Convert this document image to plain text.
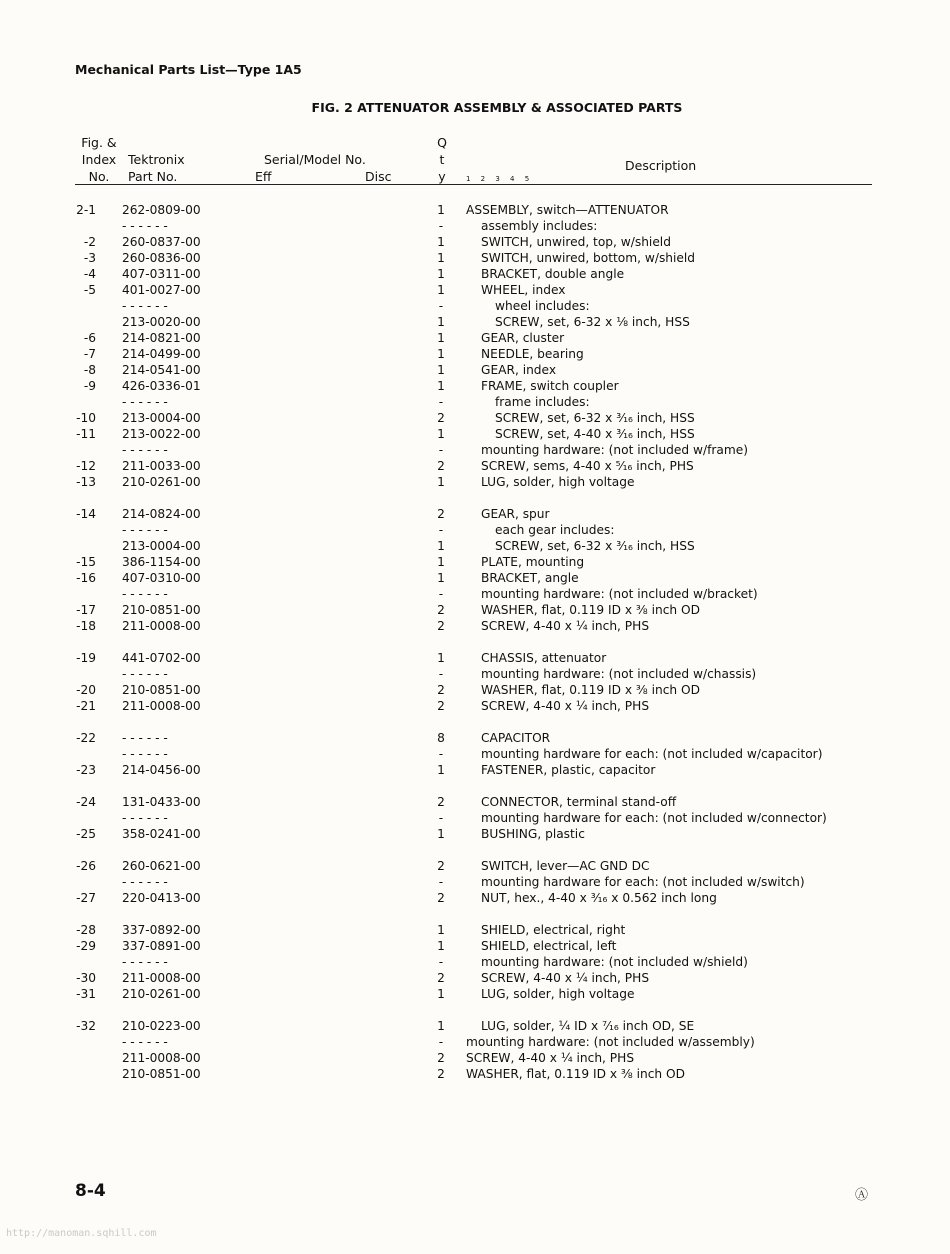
Mechanical Parts List—Type 1A5
FIG. 2 ATTENUATOR ASSEMBLY & ASSOCIATED PARTS
Fig. &
Index
No.
Tektronix
Part No.
Serial/Model No.
Eff	Disc
Q
t
y
Description
1 2 3 4 5
2-1	262-0809-00	1	ASSEMBLY, switch—ATTENUATOR
- - - - - -	-	assembly includes:
-2	260-0837-00	1	SWITCH, unwired, top, w/shield
-3	260-0836-00	1	SWITCH, unwired, bottom, w/shield
-4	407-0311-00	1	BRACKET, double angle
-5	401-0027-00	1	WHEEL, index
- - - - - -	-	wheel includes:
213-0020-00	1	SCREW, set, 6-32 x ⅛ inch, HSS
-6	214-0821-00	1	GEAR, cluster
-7	214-0499-00	1	NEEDLE, bearing
-8	214-0541-00	1	GEAR, index
-9	426-0336-01	1	FRAME, switch coupler
- - - - - -	-	frame includes:
-10	213-0004-00	2	SCREW, set, 6-32 x ³⁄₁₆ inch, HSS
-11	213-0022-00	1	SCREW, set, 4-40 x ³⁄₁₆ inch, HSS
- - - - - -	-	mounting hardware: (not included w/frame)
-12	211-0033-00	2	SCREW, sems, 4-40 x ⁵⁄₁₆ inch, PHS
-13	210-0261-00	1	LUG, solder, high voltage
-14	214-0824-00	2	GEAR, spur
- - - - - -	-	each gear includes:
213-0004-00	1	SCREW, set, 6-32 x ³⁄₁₆ inch, HSS
-15	386-1154-00	1	PLATE, mounting
-16	407-0310-00	1	BRACKET, angle
- - - - - -	-	mounting hardware: (not included w/bracket)
-17	210-0851-00	2	WASHER, flat, 0.119 ID x ⅜ inch OD
-18	211-0008-00	2	SCREW, 4-40 x ¼ inch, PHS
-19	441-0702-00	1	CHASSIS, attenuator
- - - - - -	-	mounting hardware: (not included w/chassis)
-20	210-0851-00	2	WASHER, flat, 0.119 ID x ⅜ inch OD
-21	211-0008-00	2	SCREW, 4-40 x ¼ inch, PHS
-22	- - - - - -	8	CAPACITOR
- - - - - -	-	mounting hardware for each: (not included w/capacitor)
-23	214-0456-00	1	FASTENER, plastic, capacitor
-24	131-0433-00	2	CONNECTOR, terminal stand-off
- - - - - -	-	mounting hardware for each: (not included w/connector)
-25	358-0241-00	1	BUSHING, plastic
-26	260-0621-00	2	SWITCH, lever—AC GND DC
- - - - - -	-	mounting hardware for each: (not included w/switch)
-27	220-0413-00	2	NUT, hex., 4-40 x ³⁄₁₆ x 0.562 inch long
-28	337-0892-00	1	SHIELD, electrical, right
-29	337-0891-00	1	SHIELD, electrical, left
- - - - - -	-	mounting hardware: (not included w/shield)
-30	211-0008-00	2	SCREW, 4-40 x ¼ inch, PHS
-31	210-0261-00	1	LUG, solder, high voltage
-32	210-0223-00	1	LUG, solder, ¼ ID x ⁷⁄₁₆ inch OD, SE
- - - - - -	-	mounting hardware: (not included w/assembly)
211-0008-00	2	SCREW, 4-40 x ¼ inch, PHS
210-0851-00	2	WASHER, flat, 0.119 ID x ⅜ inch OD
8-4	Ⓐ
http://manoman.sqhill.com
